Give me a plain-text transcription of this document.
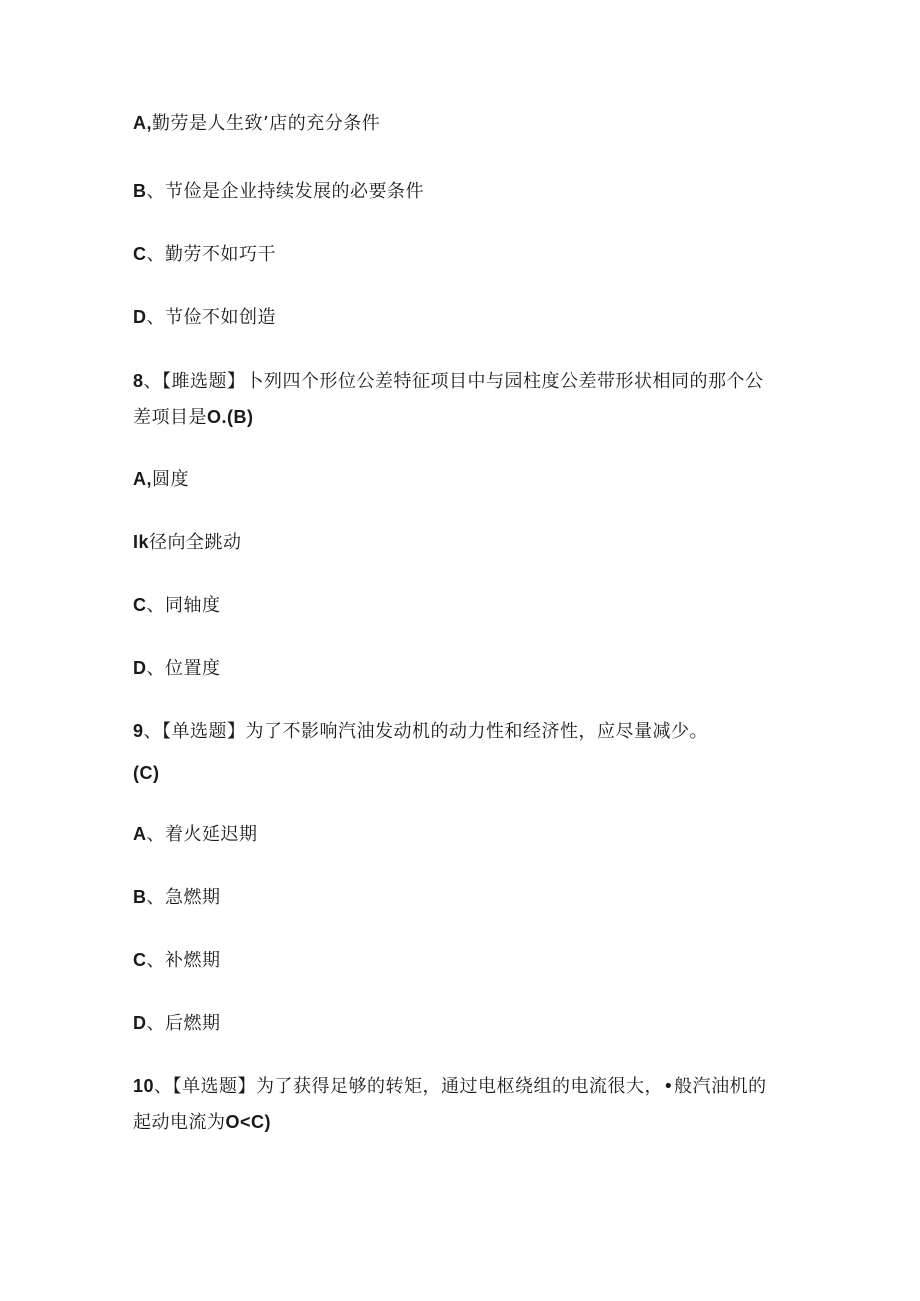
A,勤劳是人生致’店的充分条件
B、节俭是企业持续发展的必要条件
C、勤劳不如巧干
D、节俭不如创造
8、【雎选题】卜列四个形位公差特征项目中与园柱度公差带形状相同的那个公
差项目是O.(B)
A,圆度
Ik径向全跳动
C、同轴度
D、位置度
9、【单选题】为了不影响汽油发动机的动力性和经济性，应尽量减少。
(C)
A、着火延迟期
B、急燃期
C、补燃期
D、后燃期
10、【单选题】为了获得足够的转矩，通过电枢绕组的电流很大，•般汽油机的
起动电流为O<C)
